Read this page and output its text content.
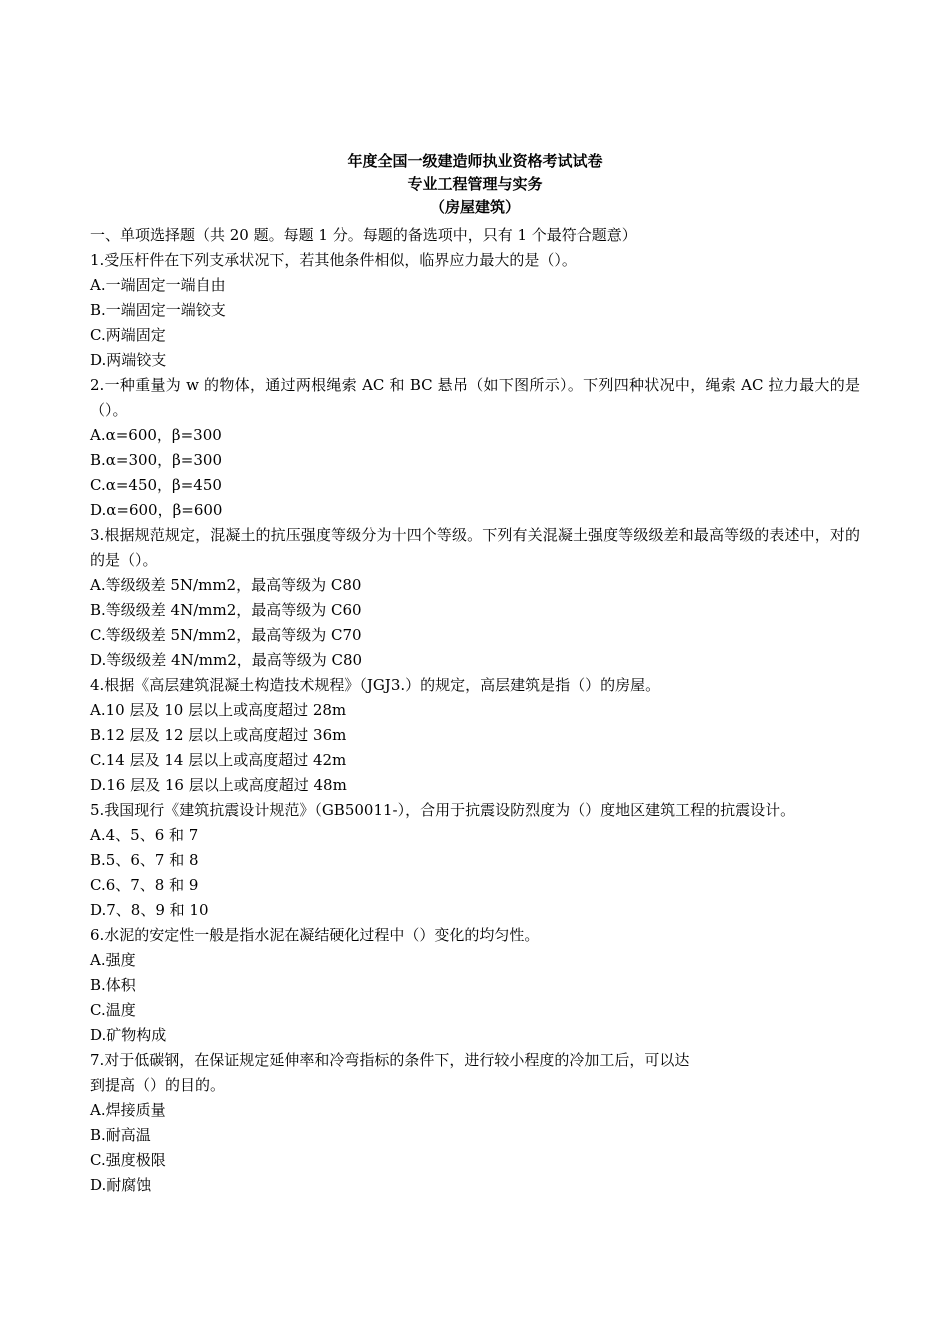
年度全国一级建造师执业资格考试试卷
专业工程管理与实务
（房屋建筑）

一、单项选择题（共 20 题。每题 1 分。每题的备选项中，只有 1 个最符合题意）

1.受压杆件在下列支承状况下，若其他条件相似，临界应力最大的是（）。

A.一端固定一端自由

B.一端固定一端铰支

C.两端固定

D.两端铰支

2.一种重量为 w 的物体，通过两根绳索 AC 和 BC 悬吊（如下图所示）。下列四种状况中，绳索 AC 拉力最大的是（）。

A.α=600，β=300

B.α=300，β=300

C.α=450，β=450

D.α=600，β=600

3.根据规范规定，混凝土的抗压强度等级分为十四个等级。下列有关混凝土强度等级级差和最高等级的表述中，对的的是（）。

A.等级级差 5N/mm2，最高等级为 C80

B.等级级差 4N/mm2，最高等级为 C60

C.等级级差 5N/mm2，最高等级为 C70

D.等级级差 4N/mm2，最高等级为 C80

4.根据《高层建筑混凝土构造技术规程》（JGJ3.）的规定，高层建筑是指（）的房屋。

A.10 层及 10 层以上或高度超过 28m

B.12 层及 12 层以上或高度超过 36m

C.14 层及 14 层以上或高度超过 42m

D.16 层及 16 层以上或高度超过 48m

5.我国现行《建筑抗震设计规范》（GB50011-），合用于抗震设防烈度为（）度地区建筑工程的抗震设计。

A.4、5、6 和 7

B.5、6、7 和 8

C.6、7、8 和 9

D.7、8、9 和 10

6.水泥的安定性一般是指水泥在凝结硬化过程中（）变化的均匀性。

A.强度

B.体积

C.温度

D.矿物构成

7.对于低碳钢，在保证规定延伸率和冷弯指标的条件下，进行较小程度的冷加工后，可以达

到提高（）的目的。

A.焊接质量

B.耐高温

C.强度极限

D.耐腐蚀
